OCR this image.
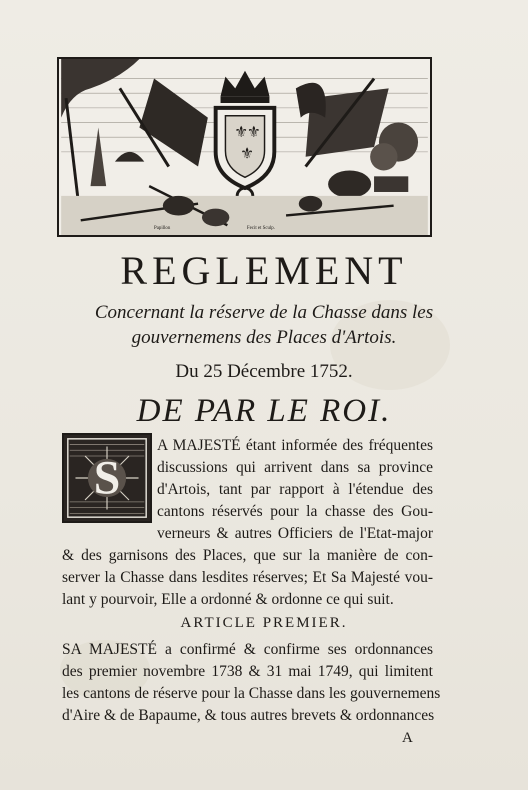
⚜
⚜
⚜
Papillon	Fecit et Sculp.
REGLEMENT
Concernant la réserve de la Chasse dans les
gouvernemens des Places d'Artois.
Du 25 Décembre 1752.
DE PAR LE ROI.
S
A MAJESTÉ étant informée des fréquentes
discussions qui arrivent dans sa province
d'Artois, tant par rapport à l'étendue des
cantons réservés pour la chasse des Gou-
verneurs & autres Officiers de l'Etat-major
& des garnisons des Places, que sur la manière de con-
server la Chasse dans lesdites réserves; Et Sa Majesté vou-
lant y pourvoir, Elle a ordonné & ordonne ce qui suit.
ARTICLE PREMIER.
SA MAJESTÉ a confirmé & confirme ses ordonnances
des premier novembre 1738 & 31 mai 1749, qui limitent
les cantons de réserve pour la Chasse dans les gouvernemens
d'Aire & de Bapaume, & tous autres brevets & ordonnances
A
